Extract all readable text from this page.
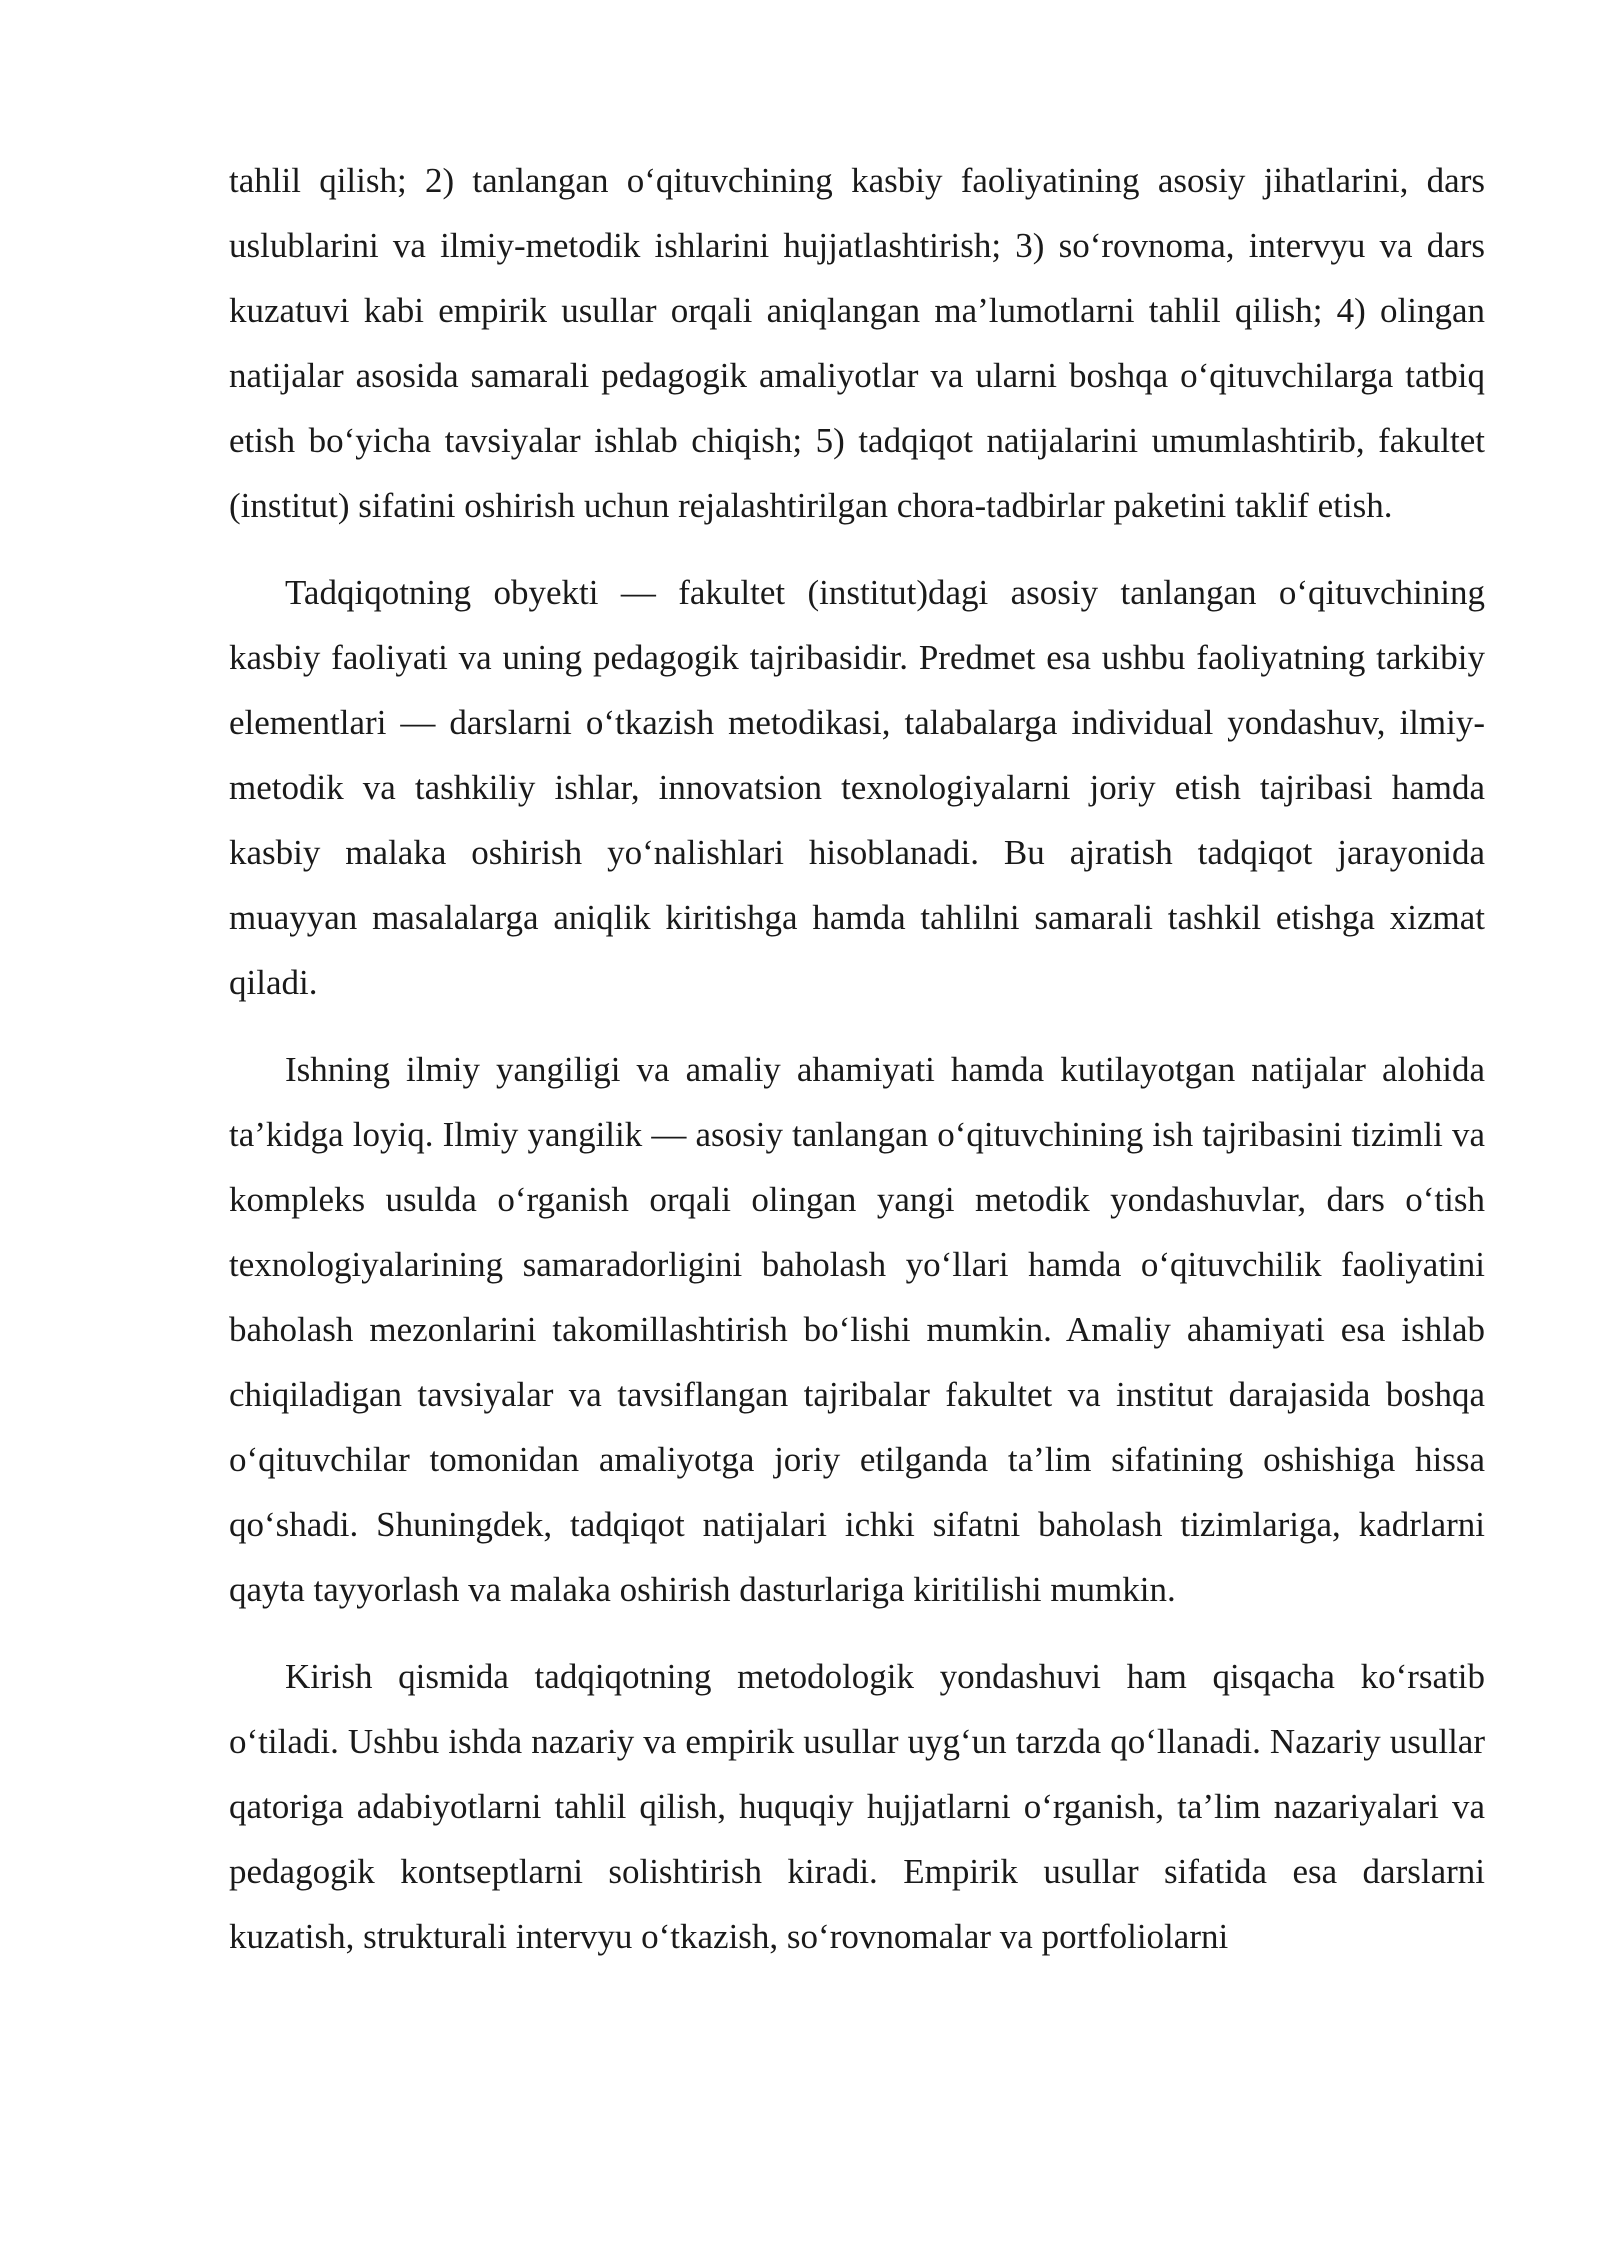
tahlil qilish; 2) tanlangan o‘qituvchining kasbiy faoliyatining asosiy jihatlarini, dars uslublarini va ilmiy-metodik ishlarini hujjatlashtirish; 3) so‘rovnoma, intervyu va dars kuzatuvi kabi empirik usullar orqali aniqlangan ma’lumotlarni tahlil qilish; 4) olingan natijalar asosida samarali pedagogik amaliyotlar va ularni boshqa o‘qituvchilarga tatbiq etish bo‘yicha tavsiyalar ishlab chiqish; 5) tadqiqot natijalarini umumlashtirib, fakultet (institut) sifatini oshirish uchun rejalashtirilgan chora-tadbirlar paketini taklif etish.

Tadqiqotning obyekti — fakultet (institut)dagi asosiy tanlangan o‘qituvchining kasbiy faoliyati va uning pedagogik tajribasidir. Predmet esa ushbu faoliyatning tarkibiy elementlari — darslarni o‘tkazish metodikasi, talabalarga individual yondashuv, ilmiy-metodik va tashkiliy ishlar, innovatsion texnologiyalarni joriy etish tajribasi hamda kasbiy malaka oshirish yo‘nalishlari hisoblanadi. Bu ajratish tadqiqot jarayonida muayyan masalalarga aniqlik kiritishga hamda tahlilni samarali tashkil etishga xizmat qiladi.

Ishning ilmiy yangiligi va amaliy ahamiyati hamda kutilayotgan natijalar alohida ta’kidga loyiq. Ilmiy yangilik — asosiy tanlangan o‘qituvchining ish tajribasini tizimli va kompleks usulda o‘rganish orqali olingan yangi metodik yondashuvlar, dars o‘tish texnologiyalarining samaradorligini baholash yo‘llari hamda o‘qituvchilik faoliyatini baholash mezonlarini takomillashtirish bo‘lishi mumkin. Amaliy ahamiyati esa ishlab chiqiladigan tavsiyalar va tavsiflangan tajribalar fakultet va institut darajasida boshqa o‘qituvchilar tomonidan amaliyotga joriy etilganda ta’lim sifatining oshishiga hissa qo‘shadi. Shuningdek, tadqiqot natijalari ichki sifatni baholash tizimlariga, kadrlarni qayta tayyorlash va malaka oshirish dasturlariga kiritilishi mumkin.

Kirish qismida tadqiqotning metodologik yondashuvi ham qisqacha ko‘rsatib o‘tiladi. Ushbu ishda nazariy va empirik usullar uyg‘un tarzda qo‘llanadi. Nazariy usullar qatoriga adabiyotlarni tahlil qilish, huquqiy hujjatlarni o‘rganish, ta’lim nazariyalari va pedagogik kontseptlarni solishtirish kiradi. Empirik usullar sifatida esa darslarni kuzatish, strukturali intervyu o‘tkazish, so‘rovnomalar va portfoliolarni
